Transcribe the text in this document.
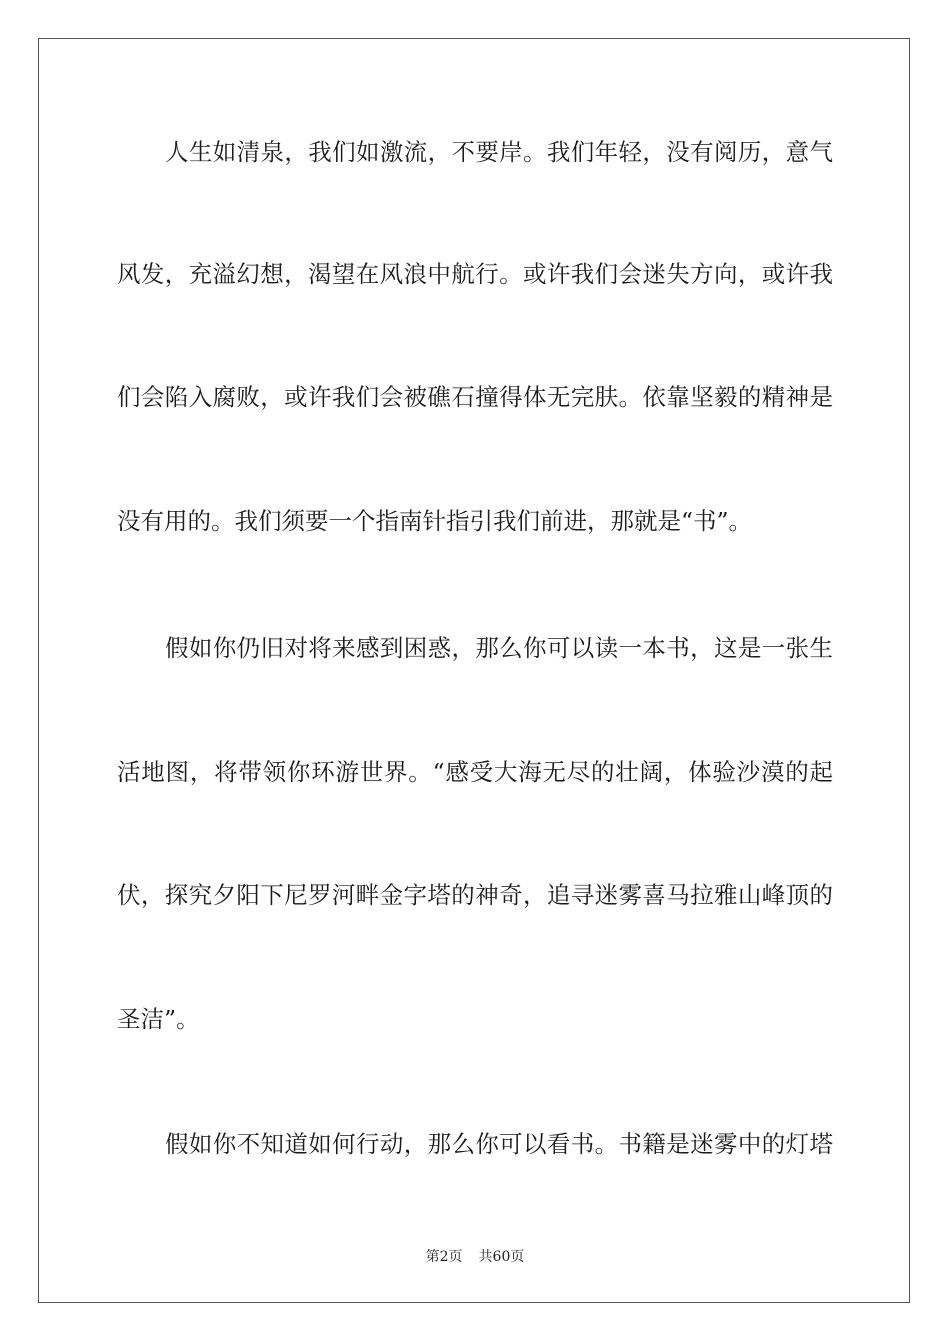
人生如清泉，我们如激流，不要岸。我们年轻，没有阅历，意气
风发，充溢幻想，渴望在风浪中航行。或许我们会迷失方向，或许我
们会陷入腐败，或许我们会被礁石撞得体无完肤。依靠坚毅的精神是
没有用的。我们须要一个指南针指引我们前进，那就是“书”。
假如你仍旧对将来感到困惑，那么你可以读一本书，这是一张生
活地图，将带领你环游世界。“感受大海无尽的壮阔，体验沙漠的起
伏，探究夕阳下尼罗河畔金字塔的神奇，追寻迷雾喜马拉雅山峰顶的
圣洁”。
假如你不知道如何行动，那么你可以看书。书籍是迷雾中的灯塔
第2页 共60页
